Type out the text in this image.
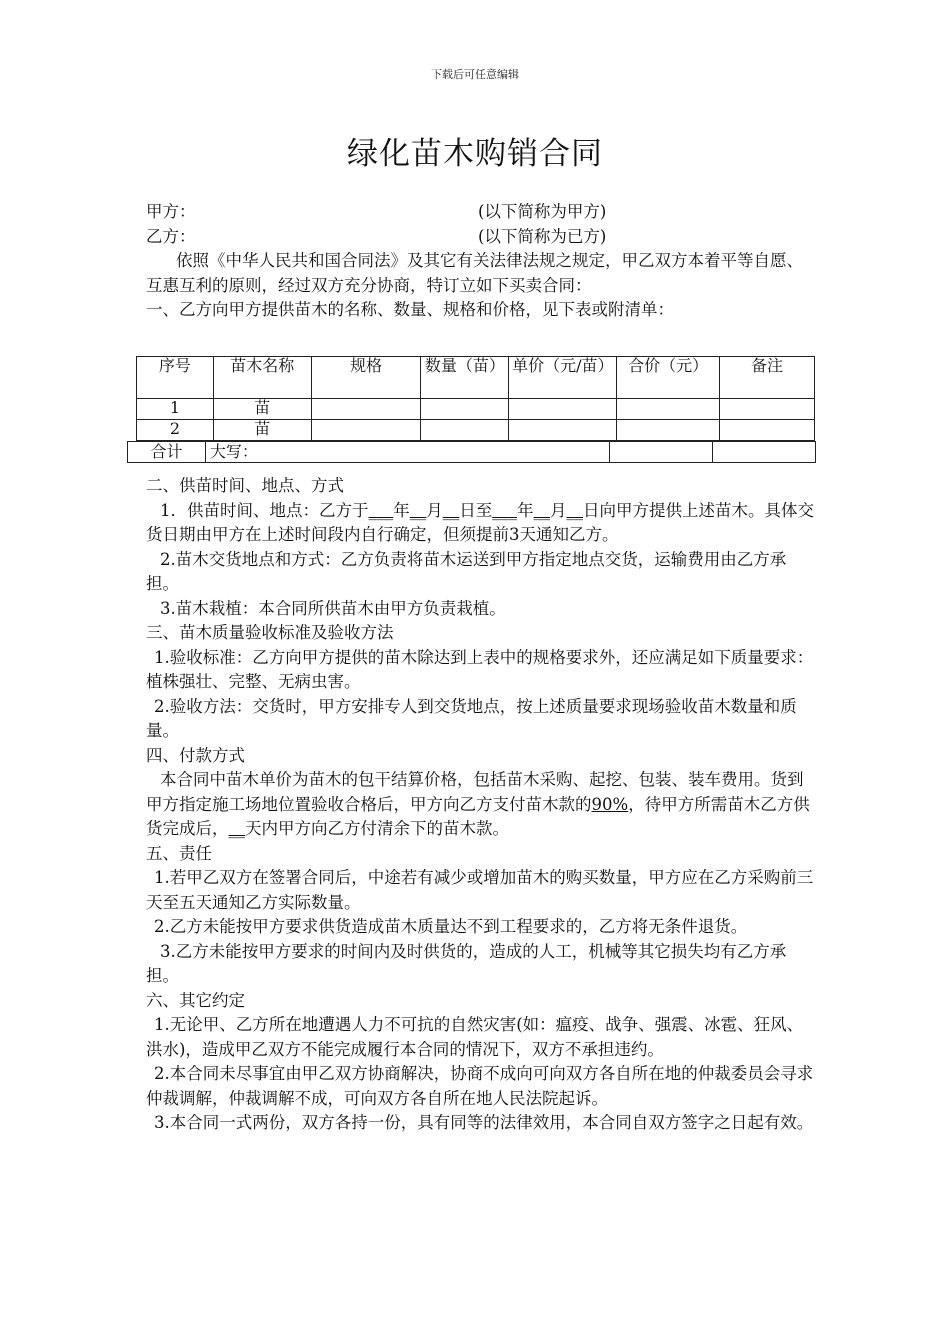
下载后可任意编辑
绿化苗木购销合同
甲方：	(以下简称为甲方)
乙方：	(以下简称为已方)

依照《中华人民共和国合同法》及其它有关法律法规之规定，甲乙双方本着平等自愿、互惠互利的原则，经过双方充分协商，特订立如下买卖合同：

一、乙方向甲方提供苗木的名称、数量、规格和价格，见下表或附清单：

序号	苗木名称	规格	数量（苗）	单价（元/苗）	合价（元）	备注
1	苗					
2	苗					
合计	大写：		

二、供苗时间、地点、方式

1．供苗时间、地点：乙方于___年__月__日至___年__月__日向甲方提供上述苗木。具体交货日期由甲方在上述时间段内自行确定，但须提前3天通知乙方。

2.苗木交货地点和方式：乙方负责将苗木运送到甲方指定地点交货，运输费用由乙方承担。

3.苗木栽植：本合同所供苗木由甲方负责栽植。

三、苗木质量验收标准及验收方法

1.验收标准：乙方向甲方提供的苗木除达到上表中的规格要求外，还应满足如下质量要求：植株强壮、完整、无病虫害。

2.验收方法：交货时，甲方安排专人到交货地点，按上述质量要求现场验收苗木数量和质量。

四、付款方式

本合同中苗木单价为苗木的包干结算价格，包括苗木采购、起挖、包装、装车费用。货到甲方指定施工场地位置验收合格后，甲方向乙方支付苗木款的90%，待甲方所需苗木乙方供货完成后，__天内甲方向乙方付清余下的苗木款。

五、责任

1.若甲乙双方在签署合同后，中途若有减少或增加苗木的购买数量，甲方应在乙方采购前三天至五天通知乙方实际数量。

2.乙方未能按甲方要求供货造成苗木质量达不到工程要求的，乙方将无条件退货。

3.乙方未能按甲方要求的时间内及时供货的，造成的人工，机械等其它损失均有乙方承担。

六、其它约定

1.无论甲、乙方所在地遭遇人力不可抗的自然灾害(如：瘟疫、战争、强震、冰雹、狂风、洪水)，造成甲乙双方不能完成履行本合同的情况下，双方不承担违约。

2.本合同未尽事宜由甲乙双方协商解决，协商不成向可向双方各自所在地的仲裁委员会寻求仲裁调解，仲裁调解不成，可向双方各自所在地人民法院起诉。

3.本合同一式两份，双方各持一份，具有同等的法律效用，本合同自双方签字之日起有效。
